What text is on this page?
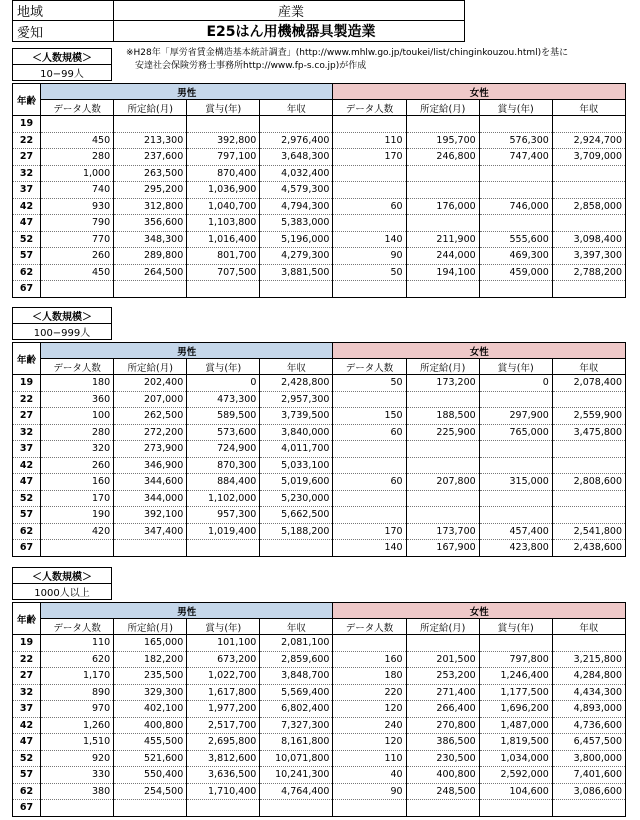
地域	産業
愛知	E25はん用機械器具製造業
※H28年「厚労省賃金構造基本統計調査」(http://www.mhlw.go.jp/toukei/list/chinginkouzou.html)を基に
　安達社会保険労務士事務所http://www.fp-s.co.jp)が作成
＜人数規模＞
10−99人
年齢	男性				女性			
	データ人数	所定給(月)	賞与(年)	年収	データ人数	所定給(月)	賞与(年)	年収
19								
22	450	213,300	392,800	2,976,400	110	195,700	576,300	2,924,700
27	280	237,600	797,100	3,648,300	170	246,800	747,400	3,709,000
32	1,000	263,500	870,400	4,032,400				
37	740	295,200	1,036,900	4,579,300				
42	930	312,800	1,040,700	4,794,300	60	176,000	746,000	2,858,000
47	790	356,600	1,103,800	5,383,000				
52	770	348,300	1,016,400	5,196,000	140	211,900	555,600	3,098,400
57	260	289,800	801,700	4,279,300	90	244,000	469,300	3,397,300
62	450	264,500	707,500	3,881,500	50	194,100	459,000	2,788,200
67								
＜人数規模＞
100−999人
年齢	男性				女性			
	データ人数	所定給(月)	賞与(年)	年収	データ人数	所定給(月)	賞与(年)	年収
19	180	202,400	0	2,428,800	50	173,200	0	2,078,400
22	360	207,000	473,300	2,957,300				
27	100	262,500	589,500	3,739,500	150	188,500	297,900	2,559,900
32	280	272,200	573,600	3,840,000	60	225,900	765,000	3,475,800
37	320	273,900	724,900	4,011,700				
42	260	346,900	870,300	5,033,100				
47	160	344,600	884,400	5,019,600	60	207,800	315,000	2,808,600
52	170	344,000	1,102,000	5,230,000				
57	190	392,100	957,300	5,662,500				
62	420	347,400	1,019,400	5,188,200	170	173,700	457,400	2,541,800
67					140	167,900	423,800	2,438,600
＜人数規模＞
1000人以上
年齢	男性				女性			
	データ人数	所定給(月)	賞与(年)	年収	データ人数	所定給(月)	賞与(年)	年収
19	110	165,000	101,100	2,081,100				
22	620	182,200	673,200	2,859,600	160	201,500	797,800	3,215,800
27	1,170	235,500	1,022,700	3,848,700	180	253,200	1,246,400	4,284,800
32	890	329,300	1,617,800	5,569,400	220	271,400	1,177,500	4,434,300
37	970	402,100	1,977,200	6,802,400	120	266,400	1,696,200	4,893,000
42	1,260	400,800	2,517,700	7,327,300	240	270,800	1,487,000	4,736,600
47	1,510	455,500	2,695,800	8,161,800	120	386,500	1,819,500	6,457,500
52	920	521,600	3,812,600	10,071,800	110	230,500	1,034,000	3,800,000
57	330	550,400	3,636,500	10,241,300	40	400,800	2,592,000	7,401,600
62	380	254,500	1,710,400	4,764,400	90	248,500	104,600	3,086,600
67								
